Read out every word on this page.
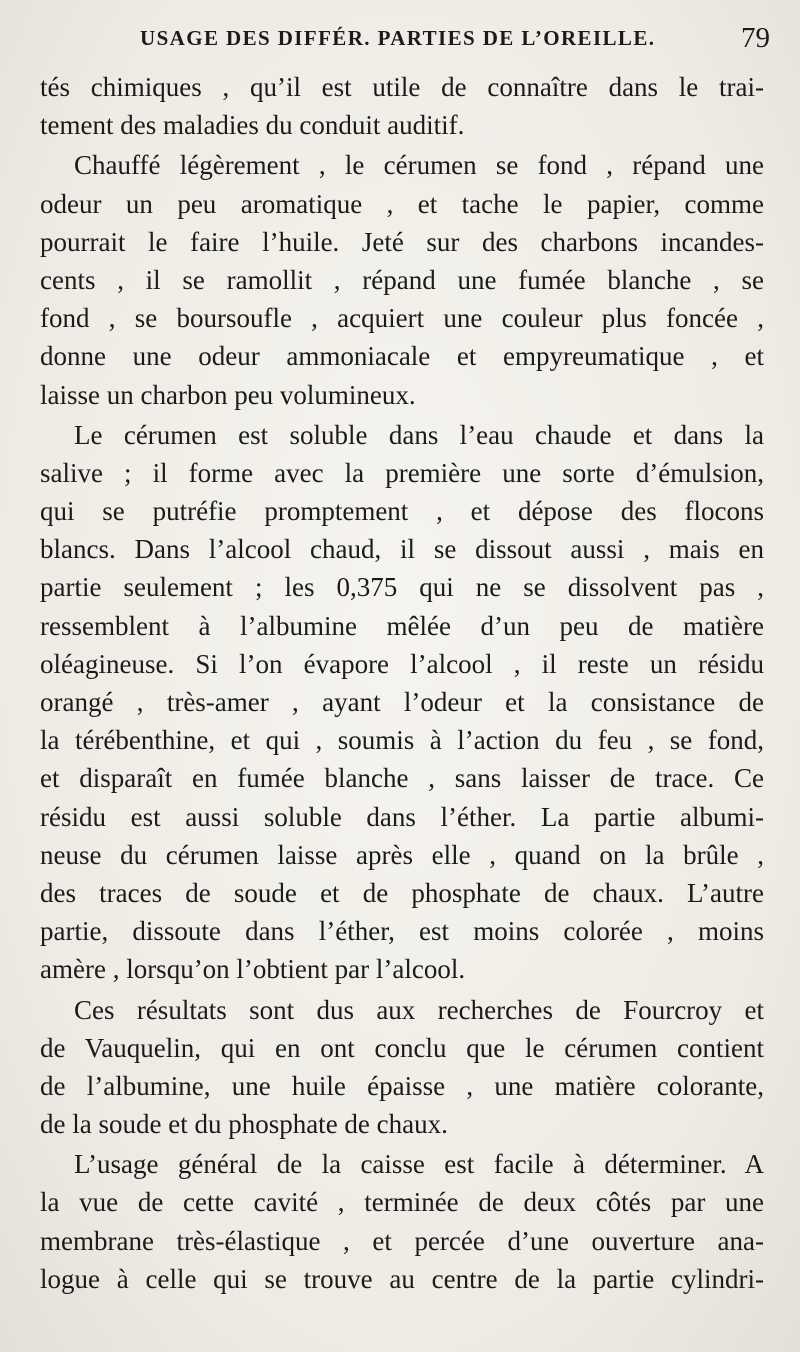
USAGE DES DIFFÉR. PARTIES DE L’OREILLE.	79
tés chimiques , qu’il est utile de connaître dans le trai-
tement des maladies du conduit auditif.
Chauffé légèrement , le cérumen se fond , répand une
odeur un peu aromatique , et tache le papier, comme
pourrait le faire l’huile. Jeté sur des charbons incandes-
cents , il se ramollit , répand une fumée blanche , se
fond , se boursoufle , acquiert une couleur plus foncée ,
donne une odeur ammoniacale et empyreumatique , et
laisse un charbon peu volumineux.
Le cérumen est soluble dans l’eau chaude et dans la
salive ; il forme avec la première une sorte d’émulsion,
qui se putréfie promptement , et dépose des flocons
blancs. Dans l’alcool chaud, il se dissout aussi , mais en
partie seulement ; les 0,375 qui ne se dissolvent pas ,
ressemblent à l’albumine mêlée d’un peu de matière
oléagineuse. Si l’on évapore l’alcool , il reste un résidu
orangé , très-amer , ayant l’odeur et la consistance de
la térébenthine, et qui , soumis à l’action du feu , se fond,
et disparaît en fumée blanche , sans laisser de trace. Ce
résidu est aussi soluble dans l’éther. La partie albumi-
neuse du cérumen laisse après elle , quand on la brûle ,
des traces de soude et de phosphate de chaux. L’autre
partie, dissoute dans l’éther, est moins colorée , moins
amère , lorsqu’on l’obtient par l’alcool.
Ces résultats sont dus aux recherches de Fourcroy et
de Vauquelin, qui en ont conclu que le cérumen contient
de l’albumine, une huile épaisse , une matière colorante,
de la soude et du phosphate de chaux.
L’usage général de la caisse est facile à déterminer. A
la vue de cette cavité , terminée de deux côtés par une
membrane très-élastique , et percée d’une ouverture ana-
logue à celle qui se trouve au centre de la partie cylindri-
